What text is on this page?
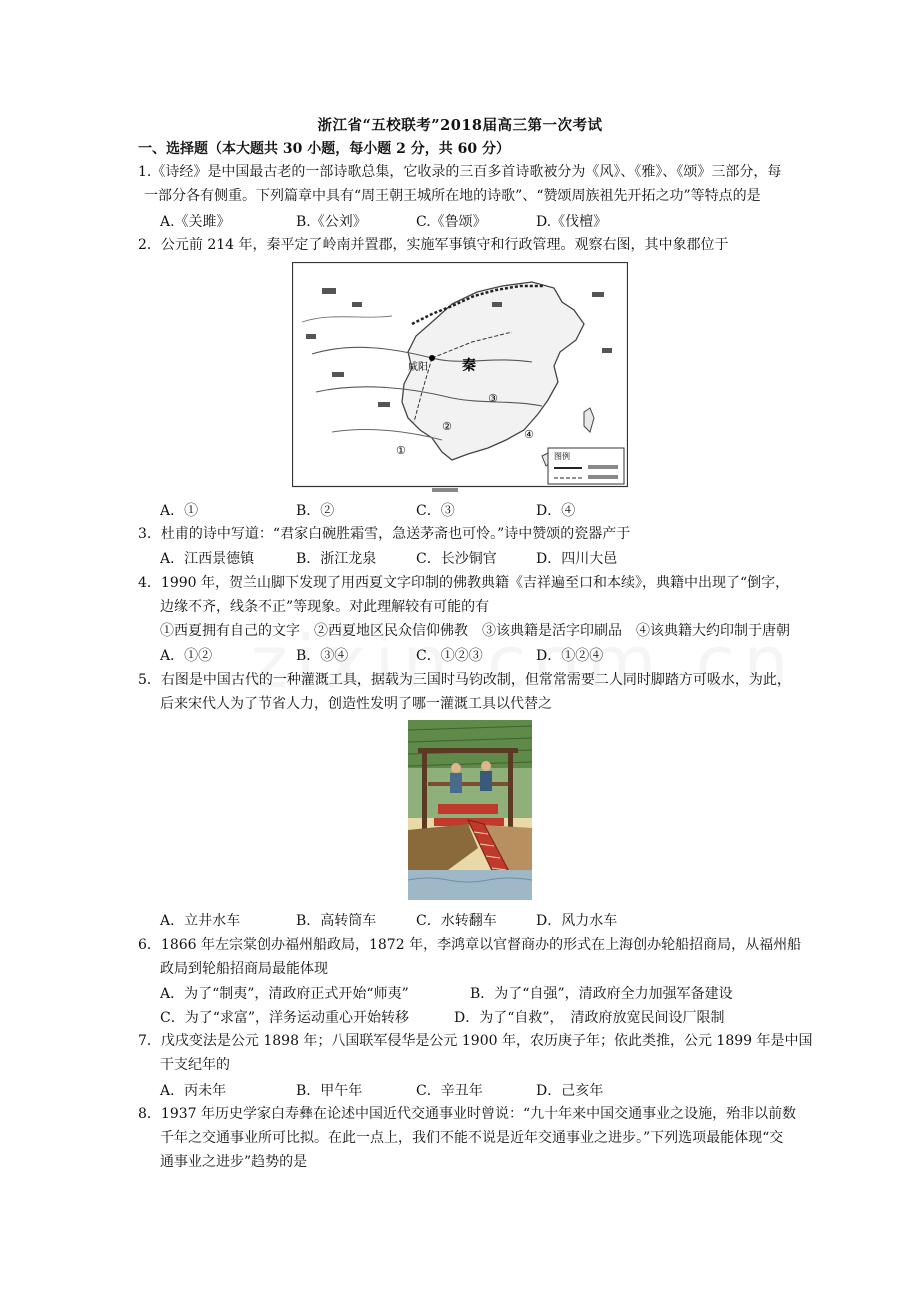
浙江省“五校联考”2018届高三第一次考试
一、选择题（本大题共 30 小题，每小题 2 分，共 60 分）
1.《诗经》是中国最古老的一部诗歌总集，它收录的三百多首诗歌被分为《风》、《雅》、《颂》三部分，每
一部分各有侧重。下列篇章中具有“周王朝王城所在地的诗歌”、“赞颂周族祖先开拓之功”等特点的是
A.《关雎》	B.《公刘》	C.《鲁颂》	D.《伐檀》
2．公元前 214 年，秦平定了岭南并置郡，实施军事镇守和行政管理。观察右图，其中象郡位于
咸阳 秦
①
②
③
④
图例
A．①	B．②	C．③	D．④
3．杜甫的诗中写道：“君家白碗胜霜雪，急送茅斋也可怜。”诗中赞颂的瓷器产于
A．江西景德镇	B．浙江龙泉	C．长沙铜官	D．四川大邑
4．1990 年，贺兰山脚下发现了用西夏文字印制的佛教典籍《吉祥遍至口和本续》，典籍中出现了“倒字，
边缘不齐，线条不正”等现象。对此理解较有可能的有
①西夏拥有自己的文字　②西夏地区民众信仰佛教　③该典籍是活字印刷品　④该典籍大约印制于唐朝
A．①②	B．③④	C．①②③	D．①②④
5．右图是中国古代的一种灌溉工具，据载为三国时马钧改制，但常常需要二人同时脚踏方可吸水，为此，
后来宋代人为了节省人力，创造性发明了哪一灌溉工具以代替之
A．立井水车	B．高转筒车	C．水转翻车	D．风力水车
6．1866 年左宗棠创办福州船政局，1872 年，李鸿章以官督商办的形式在上海创办轮船招商局，从福州船
政局到轮船招商局最能体现
A．为了“制夷”，清政府正式开始“师夷”	B．为了“自强”，清政府全力加强军备建设
C．为了“求富”，洋务运动重心开始转移	D．为了“自救”，　清政府放宽民间设厂限制
7．戊戌变法是公元 1898 年；八国联军侵华是公元 1900 年，农历庚子年；依此类推，公元 1899 年是中国
干支纪年的
A．丙未年	B．甲午年	C．辛丑年	D．己亥年
8．1937 年历史学家白寿彝在论述中国近代交通事业时曾说：“九十年来中国交通事业之设施，殆非以前数
千年之交通事业所可比拟。在此一点上，我们不能不说是近年交通事业之进步。”下列选项最能体现“交
通事业之进步”趋势的是
